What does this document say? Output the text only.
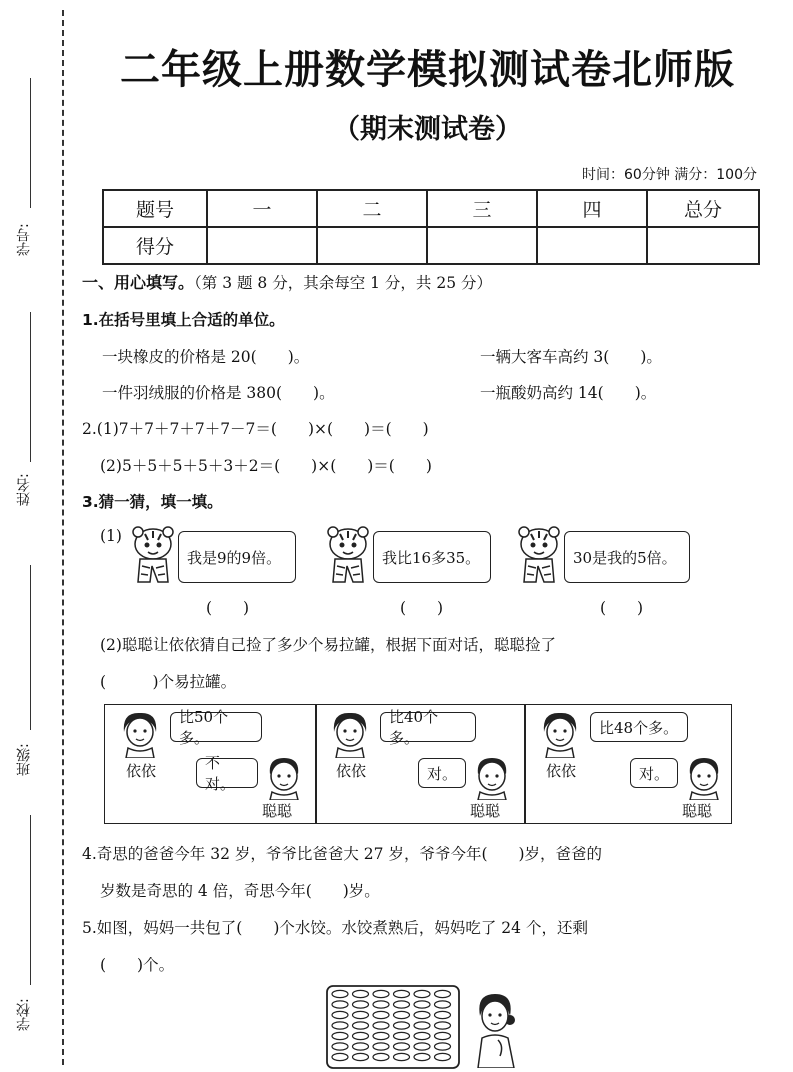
学号:
姓名:
班级:
学校:
二年级上册数学模拟测试卷北师版
（期末测试卷）
时间：60分钟 满分：100分
题号	一	二	三	四	总分
得分					
一、用心填写。（第 3 题 8 分，其余每空 1 分，共 25 分）
1.在括号里填上合适的单位。
一块橡皮的价格是 20(　　)。	一辆大客车高约 3(　　)。
一件羽绒服的价格是 380(　　)。	一瓶酸奶高约 14(　　)。
2.(1)7＋7＋7＋7＋7－7＝(　　)×(　　)＝(　　)
(2)5＋5＋5＋5＋3＋2＝(　　)×(　　)＝(　　)
3.猜一猜，填一填。
(1)
我是9的9倍。	我比16多35。	30是我的5倍。
(　　)	(　　)	(　　)
(2)聪聪让依依猜自己捡了多少个易拉罐，根据下面对话，聪聪捡了
(　　　)个易拉罐。
依依
比50个多。
不对。
聪聪
依依
比40个多。
对。
聪聪
依依
比48个多。
对。
聪聪
4.奇思的爸爸今年 32 岁，爷爷比爸爸大 27 岁，爷爷今年(　　)岁，爸爸的
岁数是奇思的 4 倍，奇思今年(　　)岁。
5.如图，妈妈一共包了(　　)个水饺。水饺煮熟后，妈妈吃了 24 个，还剩
(　　)个。
